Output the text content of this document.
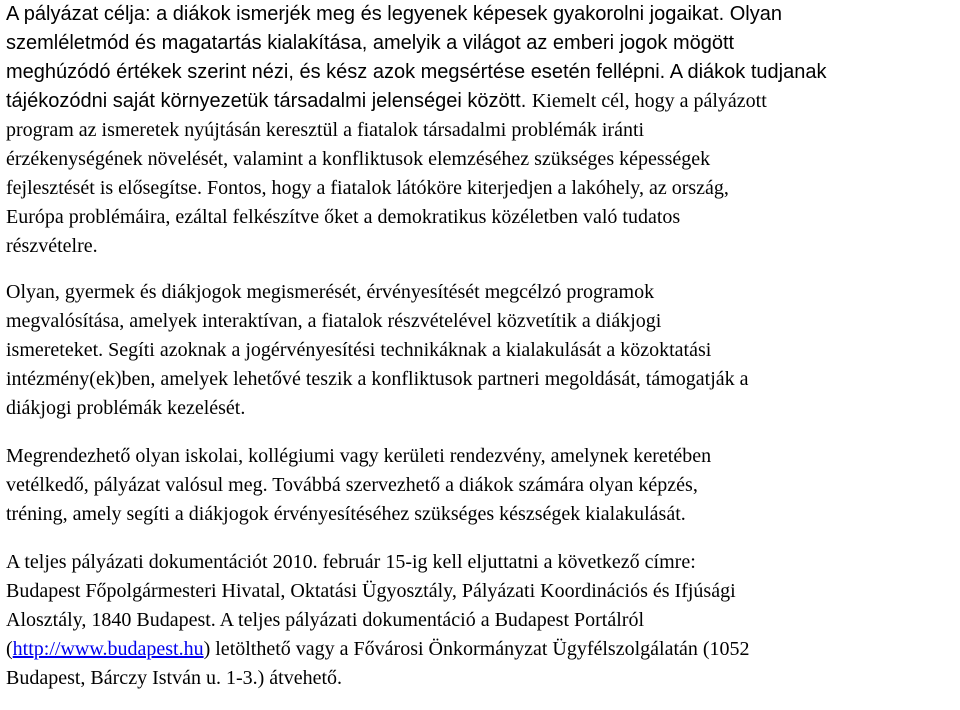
A pályázat célja: a diákok ismerjék meg és legyenek képesek gyakorolni jogaikat. Olyan
szemléletmód és magatartás kialakítása, amelyik a világot az emberi jogok mögött
meghúzódó értékek szerint nézi, és kész azok megsértése esetén fellépni. A diákok tudjanak
tájékozódni saját környezetük társadalmi jelenségei között. Kiemelt cél, hogy a pályázott
program az ismeretek nyújtásán keresztül a fiatalok társadalmi problémák iránti
érzékenységének növelését, valamint a konfliktusok elemzéséhez szükséges képességek
fejlesztését is elősegítse. Fontos, hogy a fiatalok látóköre kiterjedjen a lakóhely, az ország,
Európa problémáira, ezáltal felkészítve őket a demokratikus közéletben való tudatos
részvételre.
Olyan, gyermek és diákjogok megismerését, érvényesítését megcélzó programok
megvalósítása, amelyek interaktívan, a fiatalok részvételével közvetítik a diákjogi
ismereteket. Segíti azoknak a jogérvényesítési technikáknak a kialakulását a közoktatási
intézmény(ek)ben, amelyek lehetővé teszik a konfliktusok partneri megoldását, támogatják a
diákjogi problémák kezelését.
Megrendezhető olyan iskolai, kollégiumi vagy kerületi rendezvény, amelynek keretében
vetélkedő, pályázat valósul meg. Továbbá szervezhető a diákok számára olyan képzés,
tréning, amely segíti a diákjogok érvényesítéséhez szükséges készségek kialakulását.
A teljes pályázati dokumentációt 2010. február 15-ig kell eljuttatni a következő címre:
Budapest Főpolgármesteri Hivatal, Oktatási Ügyosztály, Pályázati Koordinációs és Ifjúsági
Alosztály, 1840 Budapest. A teljes pályázati dokumentáció a Budapest Portálról
(http://www.budapest.hu) letölthető vagy a Fővárosi Önkormányzat Ügyfélszolgálatán (1052
Budapest, Bárczy István u. 1-3.) átvehető.
